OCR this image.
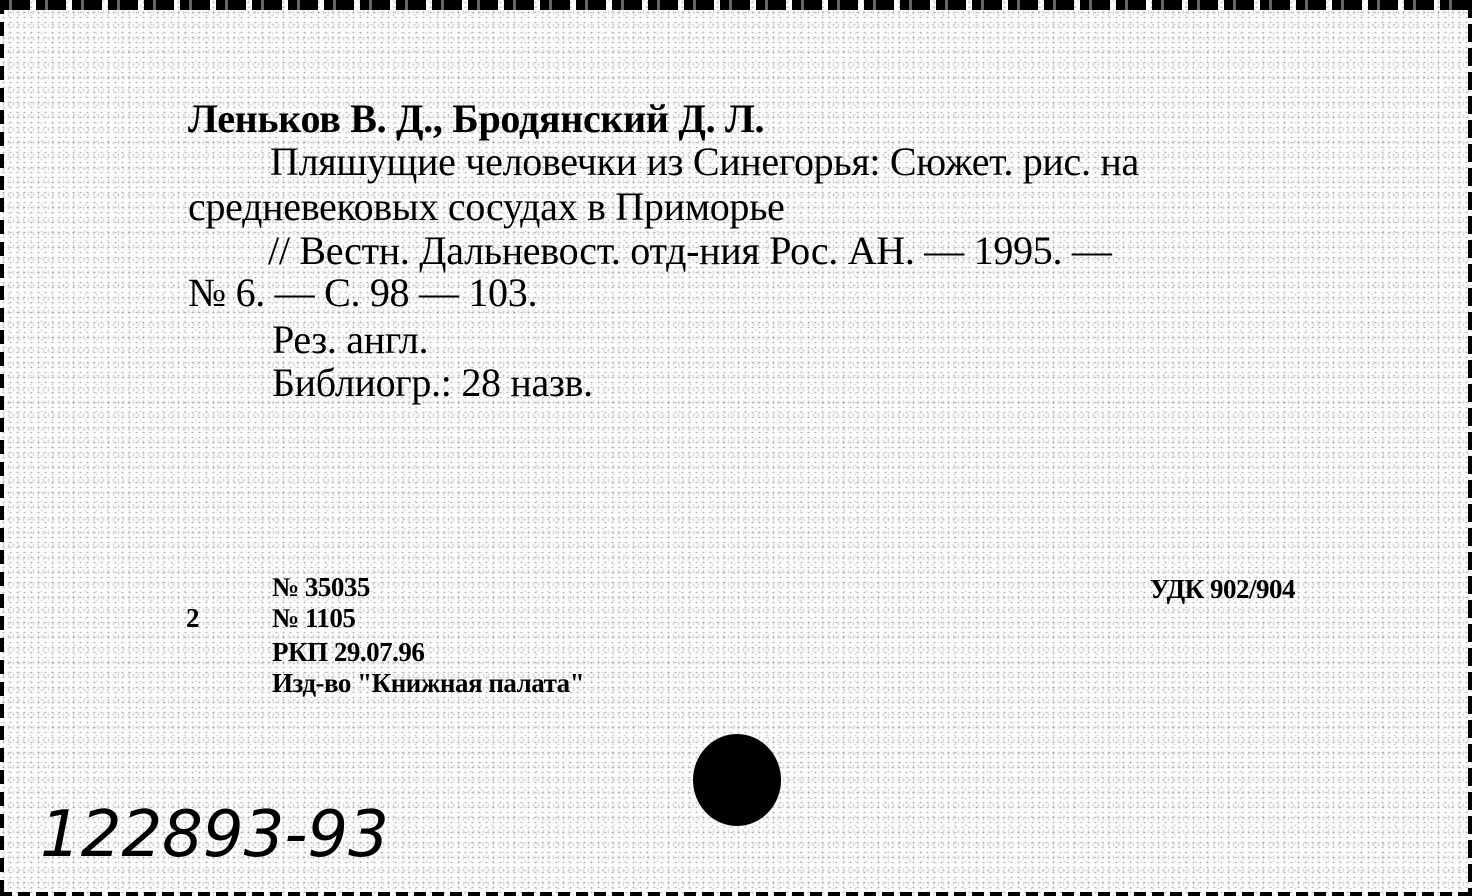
Леньков В. Д., Бродянский Д. Л.
Пляшущие человечки из Синегорья: Сюжет. рис. на
средневековых сосудах в Приморье
// Вестн. Дальневост. отд-ния Рос. АН. — 1995. —
№ 6. — С. 98 — 103.
Рез. англ.
Библиогр.: 28 назв.
№ 35035
№ 1105
РКП 29.07.96
Изд-во "Книжная палата"
2
УДК 902/904
122893-93
